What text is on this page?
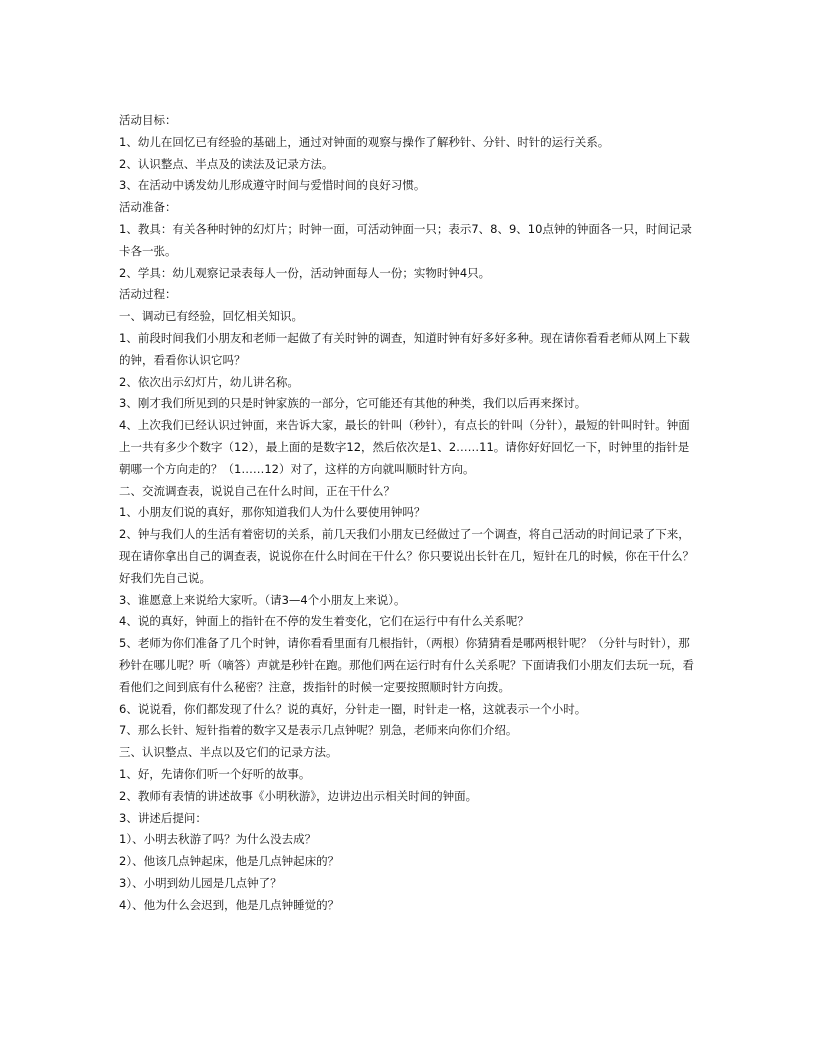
活动目标：

1、幼儿在回忆已有经验的基础上，通过对钟面的观察与操作了解秒针、分针、时针的运行关系。

2、认识整点、半点及的读法及记录方法。

3、在活动中诱发幼儿形成遵守时间与爱惜时间的良好习惯。

活动准备：

1、教具：有关各种时钟的幻灯片；时钟一面，可活动钟面一只；表示7、8、9、10点钟的钟面各一只，时间记录卡各一张。

2、学具：幼儿观察记录表每人一份，活动钟面每人一份；实物时钟4只。

活动过程：

一、调动已有经验，回忆相关知识。

1、前段时间我们小朋友和老师一起做了有关时钟的调查，知道时钟有好多好多种。现在请你看看老师从网上下载的钟，看看你认识它吗？

2、依次出示幻灯片，幼儿讲名称。

3、刚才我们所见到的只是时钟家族的一部分，它可能还有其他的种类，我们以后再来探讨。

4、上次我们已经认识过钟面，来告诉大家，最长的针叫（秒针），有点长的针叫（分针），最短的针叫时针。钟面上一共有多少个数字（12），最上面的是数字12，然后依次是1、2……11。请你好好回忆一下，时钟里的指针是朝哪一个方向走的？（1……12）对了，这样的方向就叫顺时针方向。

二、交流调查表，说说自己在什么时间，正在干什么？

1、小朋友们说的真好，那你知道我们人为什么要使用钟吗？

2、钟与我们人的生活有着密切的关系，前几天我们小朋友已经做过了一个调查，将自己活动的时间记录了下来，现在请你拿出自己的调查表，说说你在什么时间在干什么？你只要说出长针在几，短针在几的时候，你在干什么？好我们先自己说。

3、谁愿意上来说给大家听。（请3—4个小朋友上来说）。

4、说的真好，钟面上的指针在不停的发生着变化，它们在运行中有什么关系呢？

5、老师为你们准备了几个时钟，请你看看里面有几根指针，（两根）你猜猜看是哪两根针呢？（分针与时针），那秒针在哪儿呢？听（嘀答）声就是秒针在跑。那他们两在运行时有什么关系呢？下面请我们小朋友们去玩一玩，看看他们之间到底有什么秘密？注意，拨指针的时候一定要按照顺时针方向拨。

6、说说看，你们都发现了什么？说的真好，分针走一圈，时针走一格，这就表示一个小时。

7、那么长针、短针指着的数字又是表示几点钟呢？别急，老师来向你们介绍。

三、认识整点、半点以及它们的记录方法。

1、好，先请你们听一个好听的故事。

2、教师有表情的讲述故事《小明秋游》，边讲边出示相关时间的钟面。

3、讲述后提问：

1）、小明去秋游了吗？为什么没去成？

2）、他该几点钟起床，他是几点钟起床的？

3）、小明到幼儿园是几点钟了？

4）、他为什么会迟到，他是几点钟睡觉的？
